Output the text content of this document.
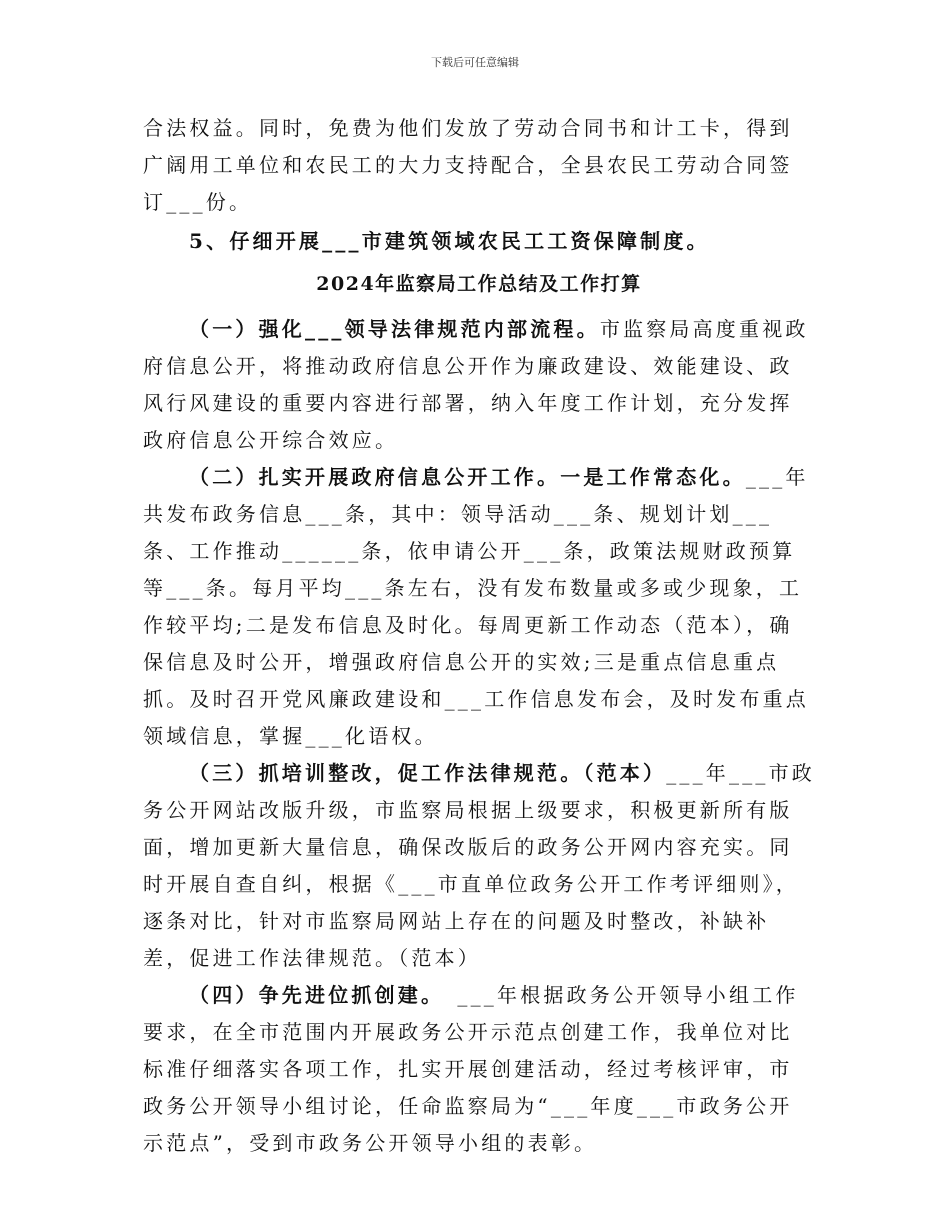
下载后可任意编辑

合法权益。同时，免费为他们发放了劳动合同书和计工卡，得到广阔用工单位和农民工的大力支持配合，全县农民工劳动合同签订___份。

5、仔细开展___市建筑领域农民工工资保障制度。

2024年监察局工作总结及工作打算

（一）强化___领导法律规范内部流程。市监察局高度重视政府信息公开，将推动政府信息公开作为廉政建设、效能建设、政风行风建设的重要内容进行部署，纳入年度工作计划，充分发挥政府信息公开综合效应。

（二）扎实开展政府信息公开工作。一是工作常态化。___年共发布政务信息___条，其中：领导活动___条、规划计划___条、工作推动______条，依申请公开___条，政策法规财政预算等___条。每月平均___条左右，没有发布数量或多或少现象，工作较平均;二是发布信息及时化。每周更新工作动态（范本），确保信息及时公开，增强政府信息公开的实效;三是重点信息重点抓。及时召开党风廉政建设和___工作信息发布会，及时发布重点领域信息，掌握___化语权。

（三）抓培训整改，促工作法律规范。（范本）___年___市政务公开网站改版升级，市监察局根据上级要求，积极更新所有版面，增加更新大量信息，确保改版后的政务公开网内容充实。同时开展自查自纠，根据《___市直单位政务公开工作考评细则》，逐条对比，针对市监察局网站上存在的问题及时整改，补缺补差，促进工作法律规范。（范本）

（四）争先进位抓创建。　___年根据政务公开领导小组工作要求，在全市范围内开展政务公开示范点创建工作，我单位对比标准仔细落实各项工作，扎实开展创建活动，经过考核评审，市政务公开领导小组讨论，任命监察局为“___年度___市政务公开示范点”，受到市政务公开领导小组的表彰。
